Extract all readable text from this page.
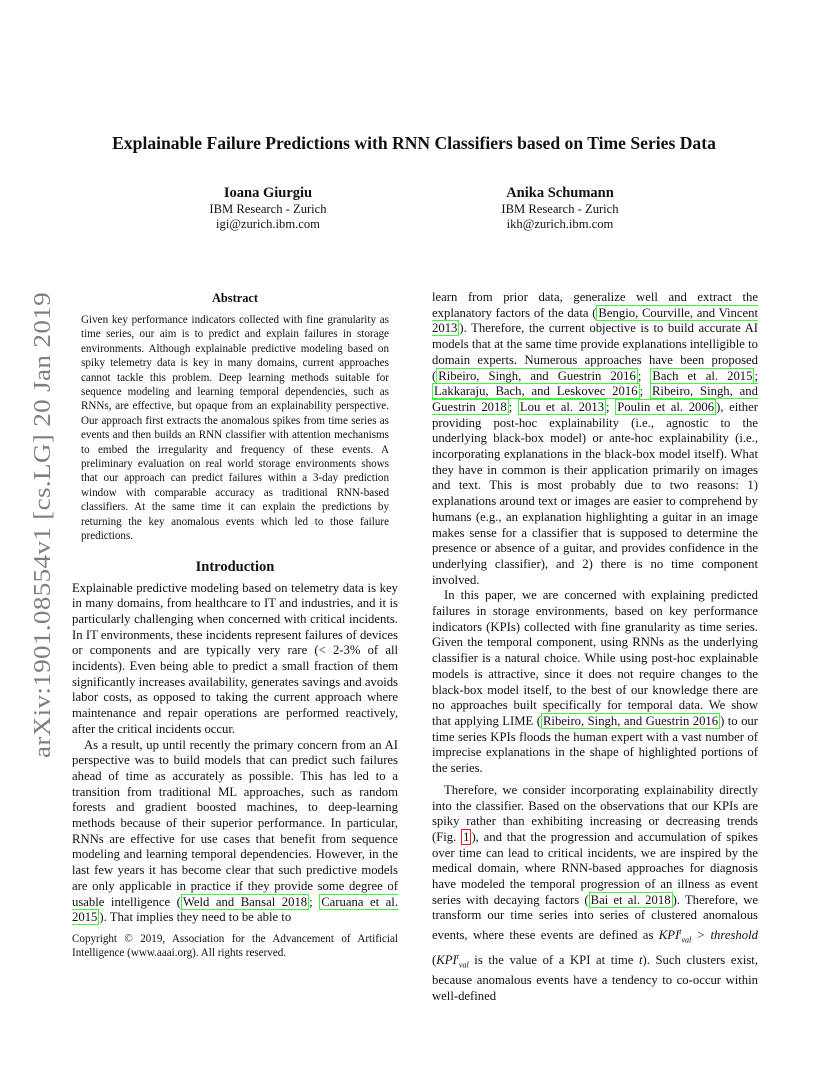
Explainable Failure Predictions with RNN Classifiers based on Time Series Data
Ioana Giurgiu
IBM Research - Zurich
igi@zurich.ibm.com
Anika Schumann
IBM Research - Zurich
ikh@zurich.ibm.com
arXiv:1901.08554v1 [cs.LG] 20 Jan 2019
Abstract
Given key performance indicators collected with fine granularity as time series, our aim is to predict and explain failures in storage environments. Although explainable predictive modeling based on spiky telemetry data is key in many domains, current approaches cannot tackle this problem. Deep learning methods suitable for sequence modeling and learning temporal dependencies, such as RNNs, are effective, but opaque from an explainability perspective. Our approach first extracts the anomalous spikes from time series as events and then builds an RNN classifier with attention mechanisms to embed the irregularity and frequency of these events. A preliminary evaluation on real world storage environments shows that our approach can predict failures within a 3-day prediction window with comparable accuracy as traditional RNN-based classifiers. At the same time it can explain the predictions by returning the key anomalous events which led to those failure predictions.
Introduction

Explainable predictive modeling based on telemetry data is key in many domains, from healthcare to IT and industries, and it is particularly challenging when concerned with critical incidents. In IT environments, these incidents represent failures of devices or components and are typically very rare (< 2-3% of all incidents). Even being able to predict a small fraction of them significantly increases availability, generates savings and avoids labor costs, as opposed to taking the current approach where maintenance and repair operations are performed reactively, after the critical incidents occur.

As a result, up until recently the primary concern from an AI perspective was to build models that can predict such failures ahead of time as accurately as possible. This has led to a transition from traditional ML approaches, such as random forests and gradient boosted machines, to deep-learning methods because of their superior performance. In particular, RNNs are effective for use cases that benefit from sequence modeling and learning temporal dependencies. However, in the last few years it has become clear that such predictive models are only applicable in practice if they provide some degree of usable intelligence ( Weld and Bansal 2018 ; Caruana et al. 2015 ). That implies they need to be able to

Copyright © 2019, Association for the Advancement of Artificial Intelligence (www.aaai.org). All rights reserved.

learn from prior data, generalize well and extract the explanatory factors of the data ( Bengio, Courville, and Vincent 2013 ). Therefore, the current objective is to build accurate AI models that at the same time provide explanations intelligible to domain experts. Numerous approaches have been proposed ( Ribeiro, Singh, and Guestrin 2016 ; Bach et al. 2015 ; Lakkaraju, Bach, and Leskovec 2016 ; Ribeiro, Singh, and Guestrin 2018 ; Lou et al. 2013 ; Poulin et al. 2006 ), either providing post-hoc explainability (i.e., agnostic to the underlying black-box model) or ante-hoc explainability (i.e., incorporating explanations in the black-box model itself). What they have in common is their application primarily on images and text. This is most probably due to two reasons: 1) explanations around text or images are easier to comprehend by humans (e.g., an explanation highlighting a guitar in an image makes sense for a classifier that is supposed to determine the presence or absence of a guitar, and provides confidence in the underlying classifier), and 2) there is no time component involved.

In this paper, we are concerned with explaining predicted failures in storage environments, based on key performance indicators (KPIs) collected with fine granularity as time series. Given the temporal component, using RNNs as the underlying classifier is a natural choice. While using post-hoc explainable models is attractive, since it does not require changes to the black-box model itself, to the best of our knowledge there are no approaches built specifically for temporal data. We show that applying LIME ( Ribeiro, Singh, and Guestrin 2016 ) to our time series KPIs floods the human expert with a vast number of imprecise explanations in the shape of highlighted portions of the series.

Therefore, we consider incorporating explainability directly into the classifier. Based on the observations that our KPIs are spiky rather than exhibiting increasing or decreasing trends (Fig. 1 ), and that the progression and accumulation of spikes over time can lead to critical incidents, we are inspired by the medical domain, where RNN-based approaches for diagnosis have modeled the temporal progression of an illness as event series with decaying factors ( Bai et al. 2018 ). Therefore, we transform our time series into series of clustered anomalous events, where these events are defined as $KPI^t_{val}$ > threshold ($KPI^t_{val}$ is the value of a KPI at time t). Such clusters exist, because anomalous events have a tendency to co-occur within well-defined
